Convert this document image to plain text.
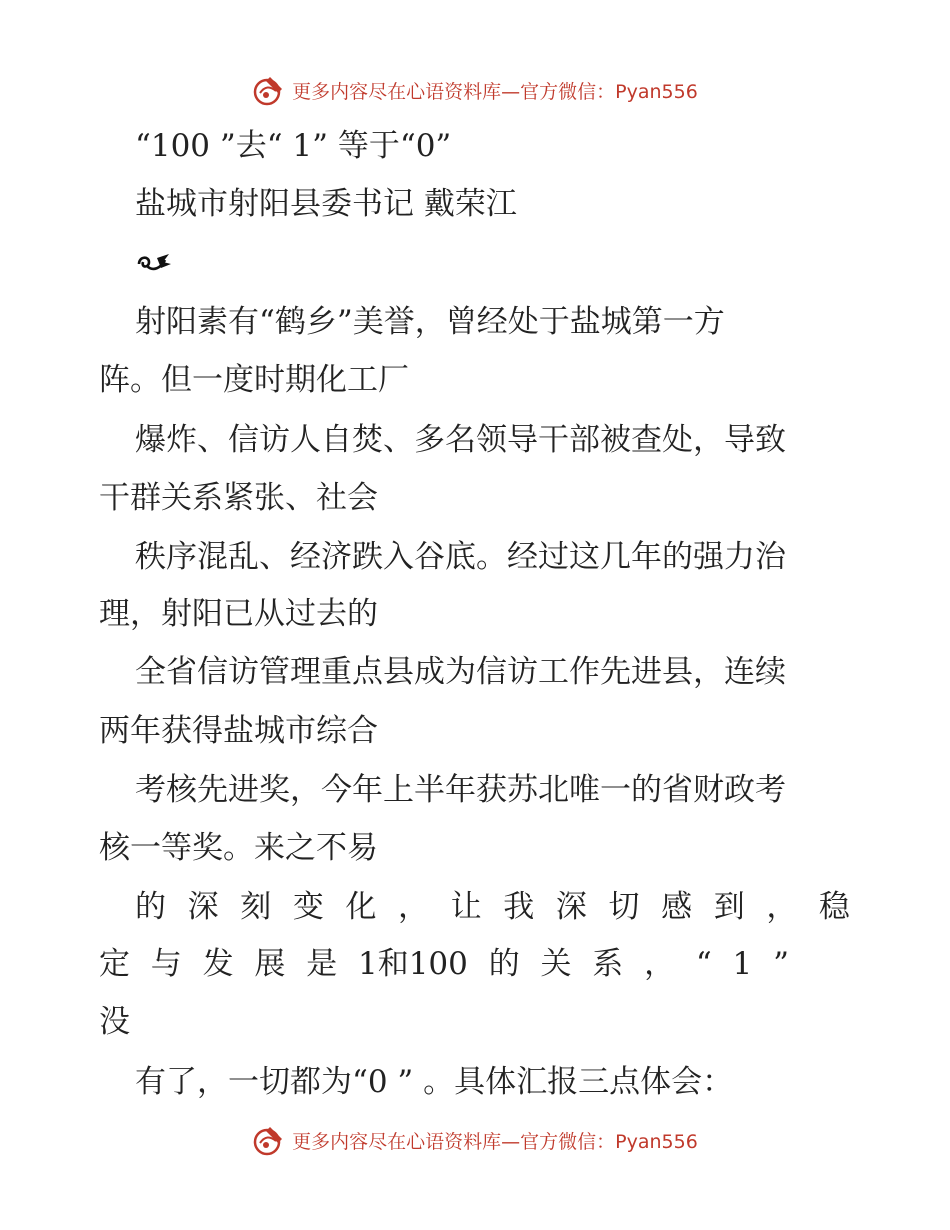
更多内容尽在心语资料库—官方微信：Pyan556
“100 ”去“ 1” 等于“0”
盐城市射阳县委书记 戴荣江
射阳素有“鹤乡”美誉，曾经处于盐城第一方
阵。但一度时期化工厂
爆炸、信访人自焚、多名领导干部被查处，导致
干群关系紧张、社会
秩序混乱、经济跌入谷底。经过这几年的强力治
理，射阳已从过去的
全省信访管理重点县成为信访工作先进县，连续
两年获得盐城市综合
考核先进奖，今年上半年获苏北唯一的省财政考
核一等奖。来之不易
的 深 刻 变 化 ， 让 我 深 切 感 到 ， 稳
定 与 发 展 是 1和100 的 关 系 ， “ 1 ”
没
有了，一切都为“0 ” 。具体汇报三点体会：
更多内容尽在心语资料库—官方微信：Pyan556
